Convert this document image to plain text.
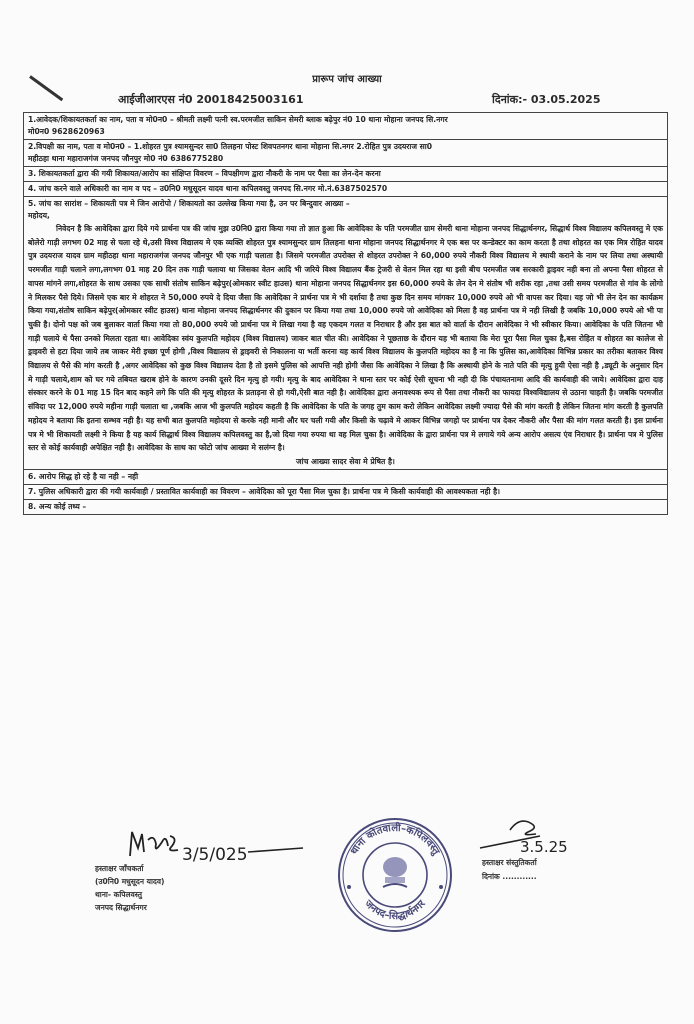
प्रारूप जांच आख्या
आईजीआरएस नं0 20018425003161	दिनांक:- 03.05.2025
1.आवेदक/शिकायतकर्ता का नाम, पता व मो0न0 – श्रीमती लक्ष्मी पत्नी स्व.परमजीत साकिन सेमरी ब्लाक बढ़ेपुर नं0 10 थाना मोहाना जनपद सि.नगर
मो0न0 9628620963

2.विपक्षी का नाम, पता व मो0न0 – 1.शोहरत पुत्र श्यामसुन्दर सा0 तिलहना पोस्ट शिवपतनगर थाना मोहाना सि.नगर 2.रोहित पुत्र उदयराज सा0
महीठहा थाना महाराजगंज जनपद जौनपुर मो0 नं0 6386775280

3. शिकायतकर्ता द्वारा की गयी शिकायत/आरोप का संक्षिप्त विवरण – विपक्षीगण द्वारा नौकरी के नाम पर पैसा का लेन-देन करना

4. जांच करने वाले अधिकारी का नाम व पद – उ0नि0 मधुसूदन यादव थाना कपिलवस्तु जनपद सि.नगर मो.नं.6387502570

5. जांच का सारांश – शिकायती पत्र मे जिन आरोपो / शिकायतो का उल्लेख किया गया है, उन पर बिन्दुवार आख्या –
महोदय,
निवेदन है कि आवेदिका द्वारा दिये गये प्रार्थना पत्र की जांच मुझ उ0नि0 द्वारा किया गया तो ज्ञात हुआ कि आवेदिका के पति परमजीत ग्राम सेमरी थाना मोहाना जनपद सिद्धार्थनगर, सिद्धार्थ विश्व विद्यालय कपिलवस्तु मे एक बोलेरो गाड़ी लगभग 02 माह से चला रहे थे,उसी विश्व विद्यालय मे एक व्यक्ति शोहरत पुत्र श्यामसुन्दर ग्राम तिलहना थाना मोहाना जनपद सिद्धार्थनगर मे एक बस पर कन्डेक्टर का काम करता है तथा शोहरत का एक मित्र रोहित यादव पुत्र उदयराज यादव ग्राम महीठहा थाना महाराजगंज जनपद जौनपुर भी एक गाड़ी चलाता है। जिसमे परमजीत उपरोक्त से शोहरत उपरोक्त ने 60,000 रुपये नौकरी विश्व विद्यालय मे स्थायी कराने के नाम पर लिया तथा अस्थायी परमजीत गाड़ी चलाने लगा,लगभग 01 माह 20 दिन तक गाड़ी चलाया था जिसका वेतन आदि भी जरिये विश्व विद्यालय बैंक ट्रेजरी से वेतन मिल रहा था इसी बीच परमजीत जब सरकारी ड्राइवर नही बना तो अपना पैसा शोहरत से वापस मांगने लगा,शोहरत के साथ उसका एक साथी संतोष साकिन बढ़ेपुर(ओमकार स्वीट हाउस) थाना मोहाना जनपद सिद्धार्थनगर इस 60,000 रुपये के लेन देन मे संतोष भी शरीक रहा ,तथा उसी समय परमजीत से गांव के लोगो ने मिलकर पैसे दिये। जिसमे एक बार मे शोहरत ने 50,000 रुपये दे दिया जैसा कि आवेदिका ने प्रार्थना पत्र मे भी दर्शाया है तथा कुछ दिन समय मांगकर 10,000 रुपये ओ भी वापस कर दिया। यह जो भी लेन देन का कार्यक्रम किया गया,संतोष साकिन बढ़ेपुर(ओमकार स्वीट हाउस) थाना मोहाना जनपद सिद्धार्थनगर की दुकान पर किया गया तथा 10,000 रुपये जो आवेदिका को मिला है वह प्रार्थना पत्र मे नही लिखी है जबकि 10,000 रुपये ओ भी पा चुकी है। दोनो पक्ष को जब बुलाकर वार्ता किया गया तो 80,000 रुपये जो प्रार्थना पत्र मे लिखा गया है वह एकदम गलत व निराधार है और इस बात को वार्ता के दौरान आवेदिका ने भी स्वीकार किया। आवेदिका के पति जितना भी गाड़ी चलाये थे पैसा उनको मिलता रहता था। आवेदिका स्वंय कुलपति महोदय (विश्व विद्यालय) जाकर बात चीत की। आवेदिका ने पूछताछ के दौरान यह भी बताया कि मेरा पूरा पैसा मिल चुका है,बस रोहित व शोहरत का कालेज से ड्राइवरी से हटा दिया जाये तब जाकर मेरी इच्छा पूर्ण होगी ,विश्व विद्यालय से ड्राइवरी से निकालना या भर्ती करना यह कार्य विश्व विद्यालय के कुलपति महोदय का है ना कि पुलिस का,आवेदिका विभिन्न प्रकार का तरीका बताकर विश्व विद्यालय से पैसे की मांग करती है ,अगर आवेदिका को कुछ विश्व विद्यालय देता है तो इसमे पुलिस को आपत्ति नही होगी जैसा कि आवेदिका ने लिखा है कि अस्थायी होने के नाते पति की मृत्यु हुयी ऐसा नही है ,ड्यूटी के अनुसार दिन मे गाड़ी चलाये,शाम को घर गये तबियत खराब होने के कारण उनकी दूसरे दिन मृत्यु हो गयी। मृत्यु के बाद आवेदिका ने थाना स्तर पर कोई ऐसी सूचना भी नही दी कि पंचायतनामा आदि की कार्यवाही की जाये। आवेदिका द्वारा दाह संस्कार करने के 01 माह 15 दिन बाद कहने लगे कि पति की मृत्यु शोहरत के प्रताड़ना से हो गयी,ऐसी बात नही है। आवेदिका द्वारा अनावश्यक रूप से पैसा तथा नौकरी का फायदा विश्वविद्यालय से उठाना चाहती है। जबकि परमजीत संविदा पर 12,000 रुपये महीना गाड़ी चलाता था ,जबकि आज भी कुलपति महोदय कहती है कि आवेदिका के पति के जगह तुम काम करो लेकिन आवेदिका लक्ष्मी ज्यादा पैसे की मांग करती है लेकिन जितना मांग करती है कुलपति महोदय ने बताया कि इतना सम्भव नही है। यह सभी बात कुलपति महोदया से करके नही मानी और घर चली गयी और किसी के चढ़ावे मे आकर विभिन्न जगहो पर प्रार्थना पत्र देकर नौकरी और पैसा की मांग गलत करती है। इस प्रार्थना पत्र मे भी शिकायती लक्ष्मी ने किया है यह कार्य सिद्धार्थ विश्व विद्यालय कपिलवस्तु का है,जो दिया गया रुपया था वह मिल चुका है। आवेदिका के द्वारा प्रार्थना पत्र मे लगाये गये अन्य आरोप असत्य एंव निराधार है। प्रार्थना पत्र मे पुलिस स्तर से कोई कार्यवाही अपेक्षित नही है। आवेदिका के साथ का फोटो जांच आख्या मे सलंग्न है।
जांच आख्या सादर सेवा मे प्रेषित है।

6. आरोप सिद्ध हो रहे है या नही – नही

7. पुलिस अधिकारी द्वारा की गयी कार्यवाही / प्रस्तावित कार्यवाही का विवरण – आवेदिका को पूरा पैसा मिल चुका है। प्रार्थना पत्र मे किसी कार्यवाही की आवश्यकता नही है।

8. अन्य कोई तथ्य –
3/5/025
हस्ताक्षर जाँचकर्ता
(उ0नि0 मधुसूदन यादव)
थाना- कपिलवस्तु
जनपद सिद्धार्थनगर
थाना कोतवाली–कपिलवस्तु
जनपद–सिद्धार्थनगर
3.5.25
हस्ताक्षर संस्तुतिकर्ता
दिनांक ............
